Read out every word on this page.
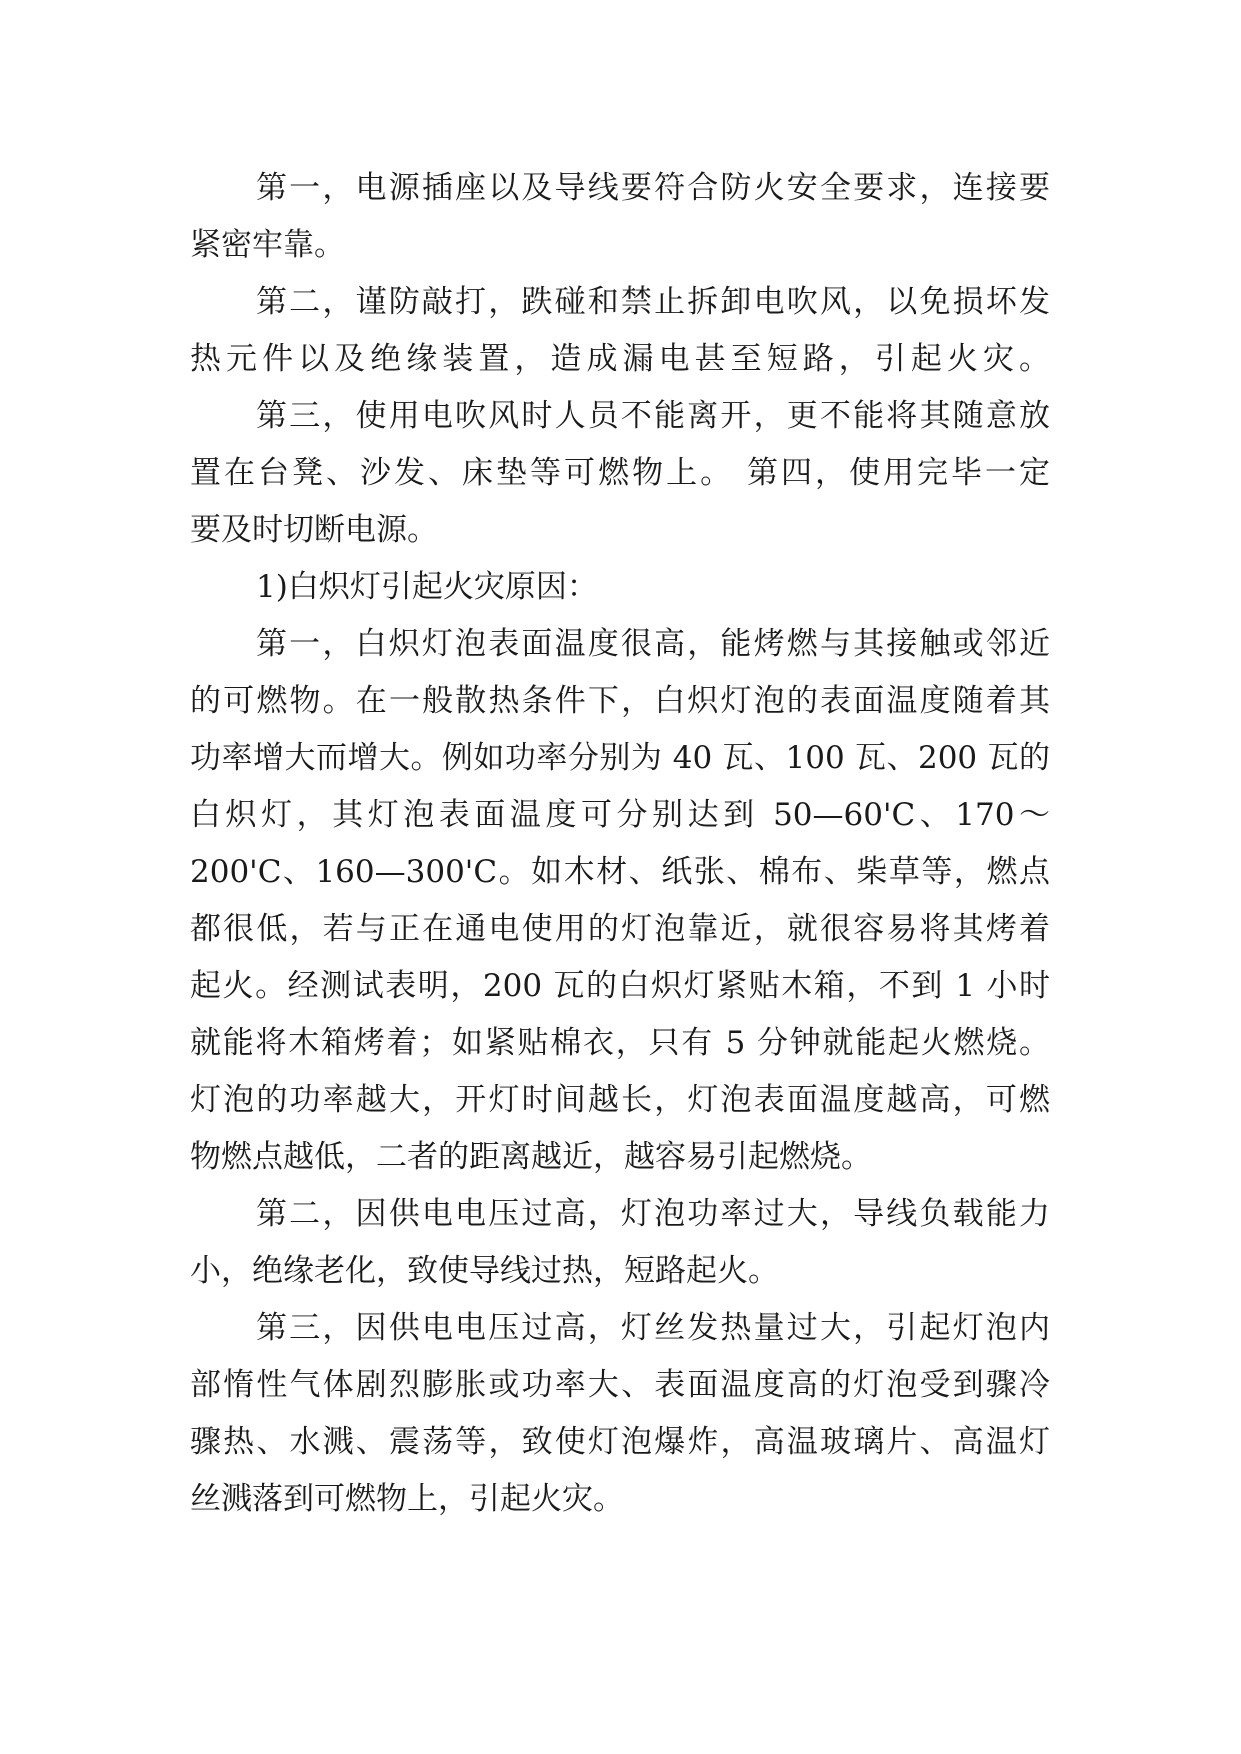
第一，电源插座以及导线要符合防火安全要求，连接要
紧密牢靠。
第二，谨防敲打，跌碰和禁止拆卸电吹风，以免损坏发
热元件以及绝缘装置，造成漏电甚至短路，引起火灾。
第三，使用电吹风时人员不能离开，更不能将其随意放
置在台凳、沙发、床垫等可燃物上。 第四，使用完毕一定
要及时切断电源。
1)白炽灯引起火灾原因：
第一，白炽灯泡表面温度很高，能烤燃与其接触或邻近
的可燃物。在一般散热条件下，白炽灯泡的表面温度随着其
功率增大而增大。例如功率分别为 40 瓦、100 瓦、200 瓦的
白炽灯，其灯泡表面温度可分别达到 50—60'C、170～
200'C、160—300'C。如木材、纸张、棉布、柴草等，燃点
都很低，若与正在通电使用的灯泡靠近，就很容易将其烤着
起火。经测试表明，200 瓦的白炽灯紧贴木箱，不到 1 小时
就能将木箱烤着；如紧贴棉衣，只有 5 分钟就能起火燃烧。
灯泡的功率越大，开灯时间越长，灯泡表面温度越高，可燃
物燃点越低，二者的距离越近，越容易引起燃烧。
第二，因供电电压过高，灯泡功率过大，导线负载能力
小，绝缘老化，致使导线过热，短路起火。
第三，因供电电压过高，灯丝发热量过大，引起灯泡内
部惰性气体剧烈膨胀或功率大、表面温度高的灯泡受到骤冷
骤热、水溅、震荡等，致使灯泡爆炸，高温玻璃片、高温灯
丝溅落到可燃物上，引起火灾。
